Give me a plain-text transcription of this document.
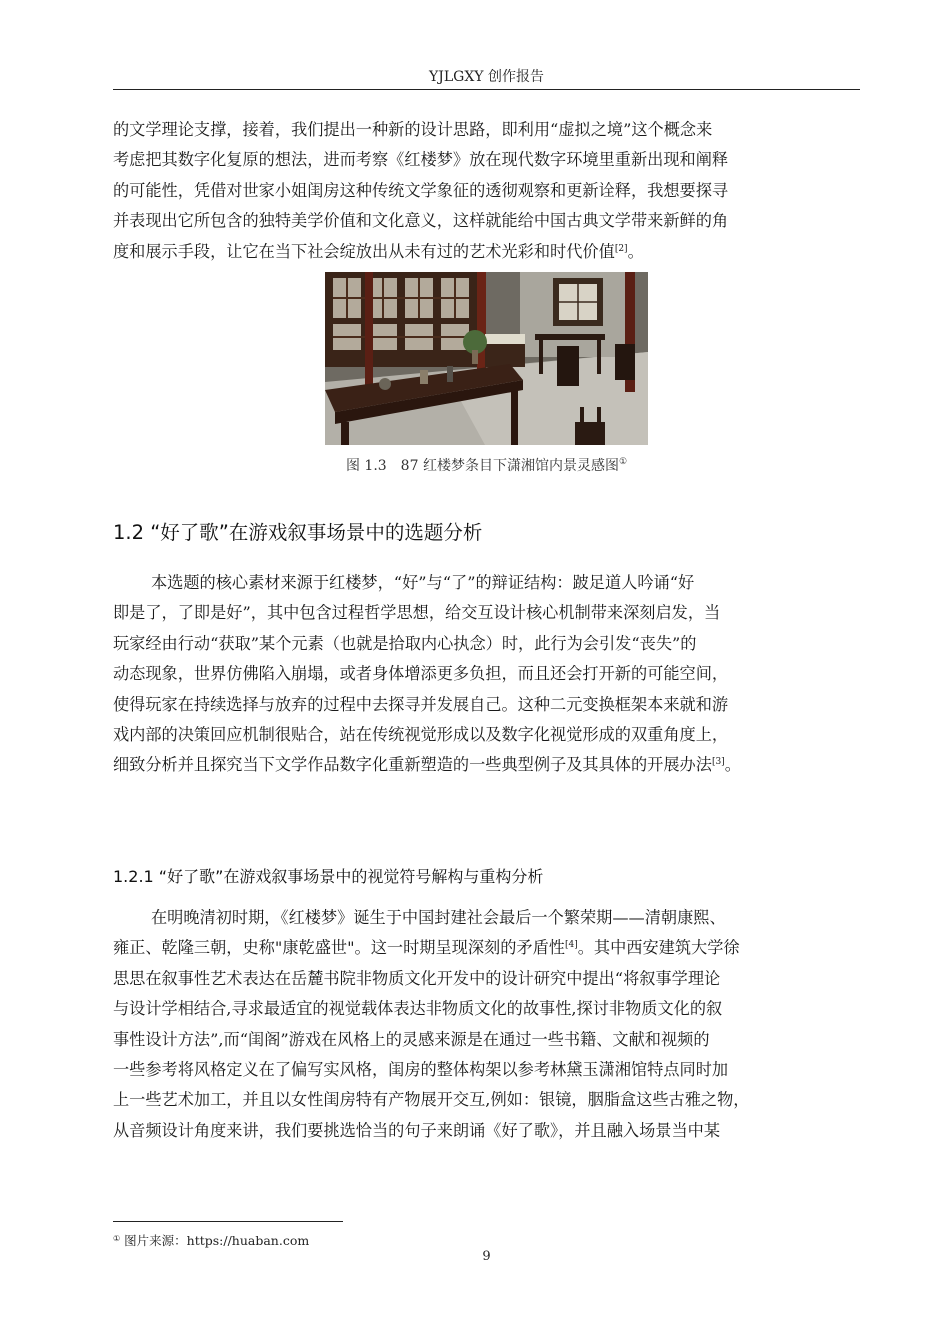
YJLGXY 创作报告
的文学理论支撑，接着，我们提出一种新的设计思路，即利用“虚拟之境”这个概念来
考虑把其数字化复原的想法，进而考察《红楼梦》放在现代数字环境里重新出现和阐释
的可能性，凭借对世家小姐闺房这种传统文学象征的透彻观察和更新诠释，我想要探寻
并表现出它所包含的独特美学价值和文化意义，这样就能给中国古典文学带来新鲜的角
度和展示手段，让它在当下社会绽放出从未有过的艺术光彩和时代价值[2]。
图 1.3　87 红楼梦条目下潇湘馆内景灵感图①
1.2 “好了歌”在游戏叙事场景中的选题分析
本选题的核心素材来源于红楼梦，“好”与“了”的辩证结构：跛足道人吟诵“好
即是了，了即是好”，其中包含过程哲学思想，给交互设计核心机制带来深刻启发，当
玩家经由行动“获取”某个元素（也就是拾取内心执念）时，此行为会引发“丧失”的
动态现象，世界仿佛陷入崩塌，或者身体增添更多负担，而且还会打开新的可能空间，
使得玩家在持续选择与放弃的过程中去探寻并发展自己。这种二元变换框架本来就和游
戏内部的决策回应机制很贴合，站在传统视觉形成以及数字化视觉形成的双重角度上，
细致分析并且探究当下文学作品数字化重新塑造的一些典型例子及其具体的开展办法[3]。
1.2.1 “好了歌”在游戏叙事场景中的视觉符号解构与重构分析
在明晚清初时期，《红楼梦》诞生于中国封建社会最后一个繁荣期——清朝康熙、
雍正、乾隆三朝，史称"康乾盛世"。这一时期呈现深刻的矛盾性[4]。其中西安建筑大学徐
思思在叙事性艺术表达在岳麓书院非物质文化开发中的设计研究中提出“将叙事学理论
与设计学相结合,寻求最适宜的视觉载体表达非物质文化的故事性,探讨非物质文化的叙
事性设计方法”,而“闺阁”游戏在风格上的灵感来源是在通过一些书籍、文献和视频的
一些参考将风格定义在了偏写实风格，闺房的整体构架以参考林黛玉潇湘馆特点同时加
上一些艺术加工，并且以女性闺房特有产物展开交互,例如：银镜，胭脂盒这些古雅之物，
从音频设计角度来讲，我们要挑选恰当的句子来朗诵《好了歌》，并且融入场景当中某
① 图片来源：https://huaban.com
9
